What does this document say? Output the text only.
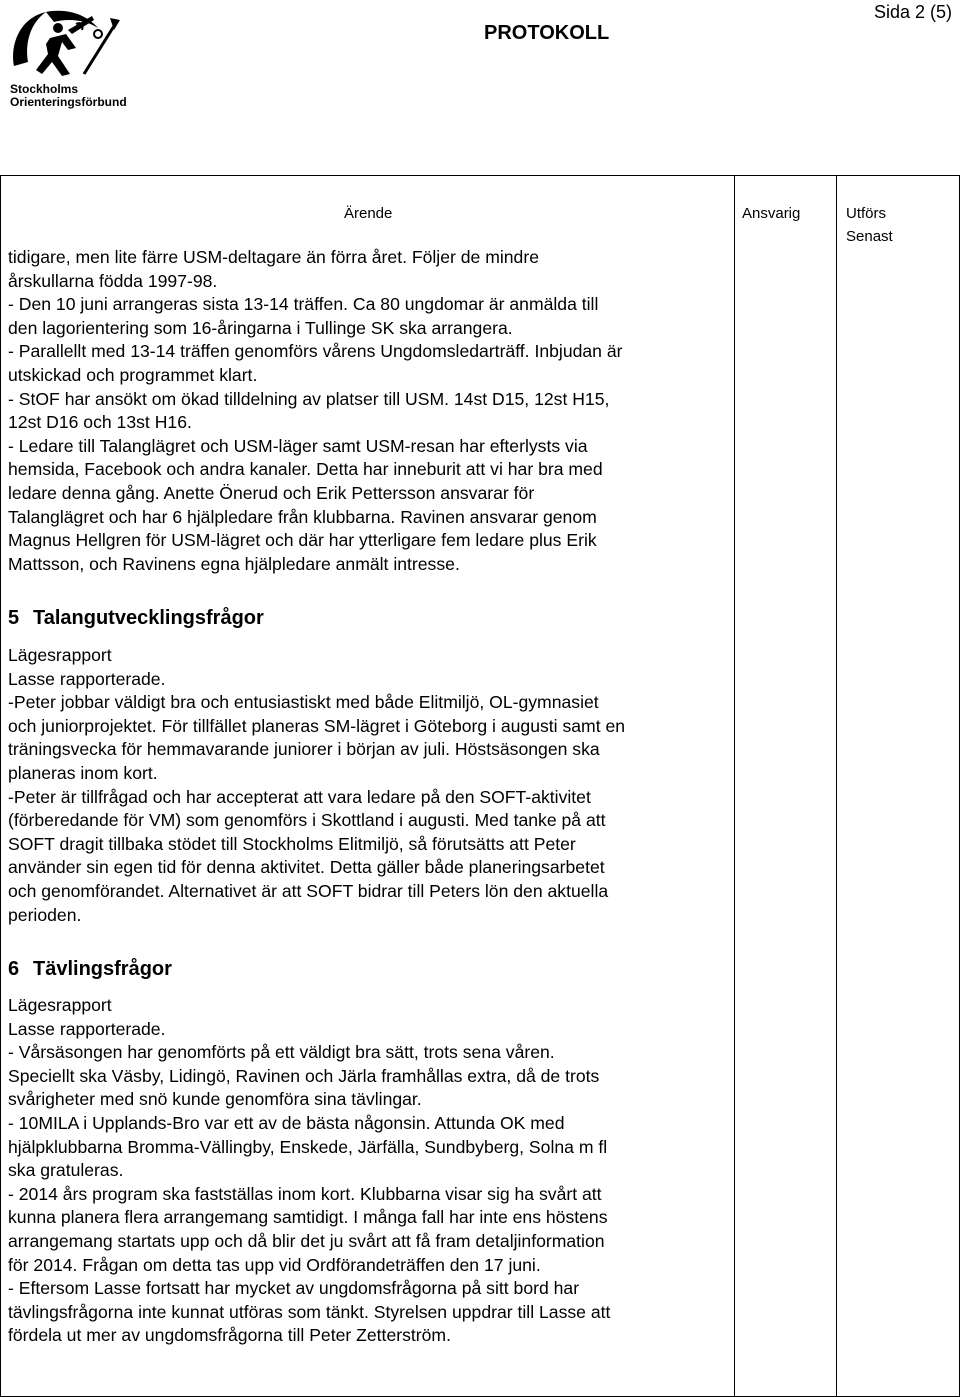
Stockholms
Orienteringsförbund
PROTOKOLL
Sida 2 (5)
Ärende	Ansvarig	Utförs
Senast

tidigare, men lite färre USM-deltagare än förra året. Följer de mindre

årskullarna födda 1997-98.

- Den 10 juni arrangeras sista 13-14 träffen. Ca 80 ungdomar är anmälda till

den lagorientering som 16-åringarna i Tullinge SK ska arrangera.

- Parallellt med 13-14 träffen genomförs vårens Ungdomsledarträff. Inbjudan är

utskickad och programmet klart.

- StOF har ansökt om ökad tilldelning av platser till USM. 14st D15, 12st H15,

12st D16 och 13st H16.

- Ledare till Talanglägret och USM-läger samt USM-resan har efterlysts via

hemsida, Facebook och andra kanaler. Detta har inneburit att vi har bra med

ledare denna gång. Anette Önerud och Erik Pettersson ansvarar för

Talanglägret och har 6 hjälpledare från klubbarna. Ravinen ansvarar genom

Magnus Hellgren för USM-lägret och där har ytterligare fem ledare plus Erik

Mattsson, och Ravinens egna hjälpledare anmält intresse.

5 Talangutvecklingsfrågor

Lägesrapport

Lasse rapporterade.

-Peter jobbar väldigt bra och entusiastiskt med både Elitmiljö, OL-gymnasiet

och juniorprojektet. För tillfället planeras SM-lägret i Göteborg i augusti samt en

träningsvecka för hemmavarande juniorer i början av juli. Höstsäsongen ska

planeras inom kort.

-Peter är tillfrågad och har accepterat att vara ledare på den SOFT-aktivitet

(förberedande för VM) som genomförs i Skottland i augusti. Med tanke på att

SOFT dragit tillbaka stödet till Stockholms Elitmiljö, så förutsätts att Peter

använder sin egen tid för denna aktivitet. Detta gäller både planeringsarbetet

och genomförandet. Alternativet är att SOFT bidrar till Peters lön den aktuella

perioden.

6 Tävlingsfrågor

Lägesrapport

Lasse rapporterade.

- Vårsäsongen har genomförts på ett väldigt bra sätt, trots sena våren.

Speciellt ska Väsby, Lidingö, Ravinen och Järla framhållas extra, då de trots

svårigheter med snö kunde genomföra sina tävlingar.

- 10MILA i Upplands-Bro var ett av de bästa någonsin. Attunda OK med

hjälpklubbarna Bromma-Vällingby, Enskede, Järfälla, Sundbyberg, Solna m fl

ska gratuleras.

- 2014 års program ska fastställas inom kort. Klubbarna visar sig ha svårt att

kunna planera flera arrangemang samtidigt. I många fall har inte ens höstens

arrangemang startats upp och då blir det ju svårt att få fram detaljinformation

för 2014. Frågan om detta tas upp vid Ordförandeträffen den 17 juni.

- Eftersom Lasse fortsatt har mycket av ungdomsfrågorna på sitt bord har

tävlingsfrågorna inte kunnat utföras som tänkt. Styrelsen uppdrar till Lasse att

fördela ut mer av ungdomsfrågorna till Peter Zetterström.
